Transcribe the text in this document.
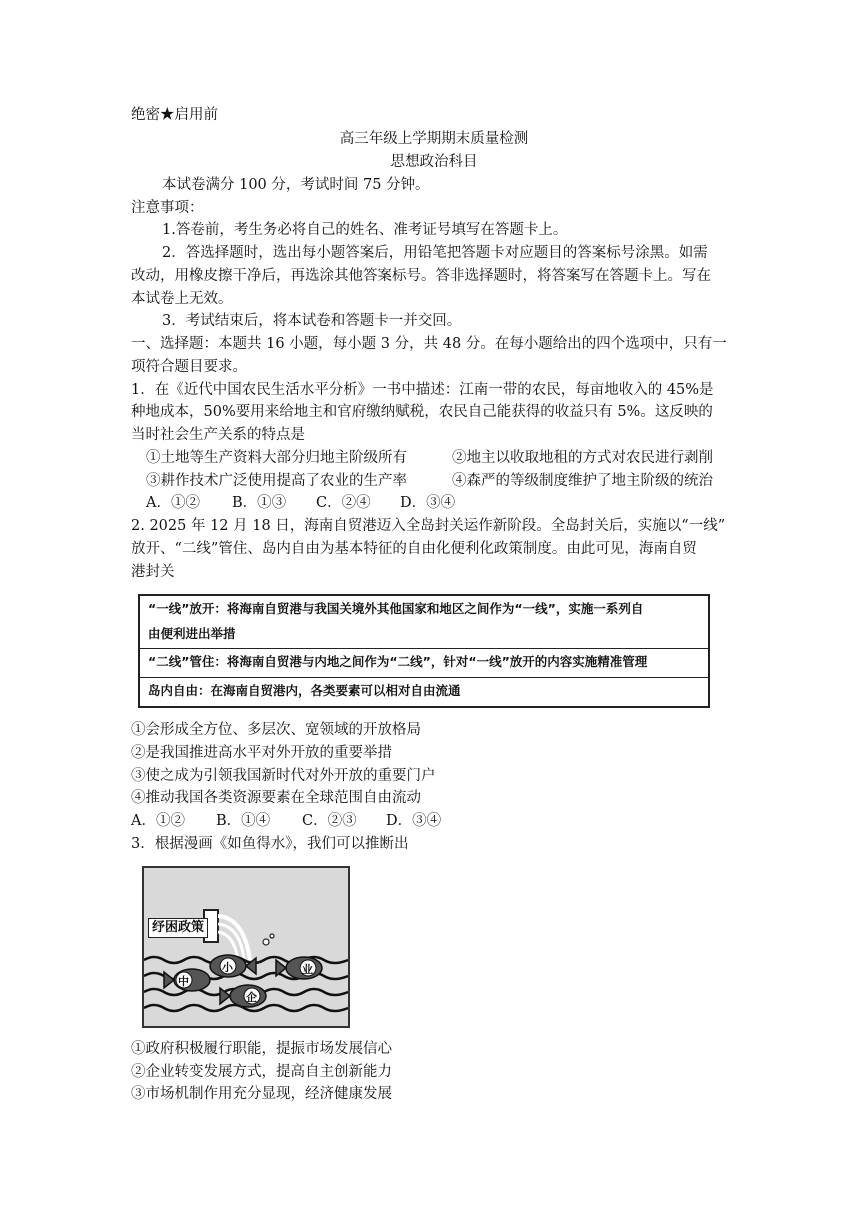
绝密★启用前
高三年级上学期期末质量检测
思想政治科目
本试卷满分 100 分，考试时间 75 分钟。
注意事项：
1.答卷前，考生务必将自己的姓名、准考证号填写在答题卡上。
2．答选择题时，选出每小题答案后，用铅笔把答题卡对应题目的答案标号涂黑。如需
改动，用橡皮擦干净后，再选涂其他答案标号。答非选择题时，将答案写在答题卡上。写在
本试卷上无效。
3．考试结束后，将本试卷和答题卡一并交回。
一、选择题：本题共 16 小题，每小题 3 分，共 48 分。在每小题给出的四个选项中，只有一
项符合题目要求。
1．在《近代中国农民生活水平分析》一书中描述：江南一带的农民，每亩地收入的 45%是
种地成本，50%要用来给地主和官府缴纳赋税，农民自己能获得的收益只有 5%。这反映的
当时社会生产关系的特点是
①土地等生产资料大部分归地主阶级所有	②地主以收取地租的方式对农民进行剥削
③耕作技术广泛使用提高了农业的生产率	④森严的等级制度维护了地主阶级的统治
A．①② B．①③ C．②④ D．③④
2. 2025 年 12 月 18 日，海南自贸港迈入全岛封关运作新阶段。全岛封关后，实施以“一线”
放开、“二线”管住、岛内自由为基本特征的自由化便利化政策制度。由此可见，海南自贸
港封关
“一线”放开：将海南自贸港与我国关境外其他国家和地区之间作为“一线”，实施一系列自
由便利进出举措
“二线”管住：将海南自贸港与内地之间作为“二线”，针对“一线”放开的内容实施精准管理
岛内自由：在海南自贸港内，各类要素可以相对自由流通
①会形成全方位、多层次、宽领域的开放格局
②是我国推进高水平对外开放的重要举措
③使之成为引领我国新时代对外开放的重要门户
④推动我国各类资源要素在全球范围自由流动
A．①② B．①④ C．②③ D．③④
3．根据漫画《如鱼得水》，我们可以推断出
纾困政策
中
小
企
业
①政府积极履行职能，提振市场发展信心
②企业转变发展方式，提高自主创新能力
③市场机制作用充分显现，经济健康发展
